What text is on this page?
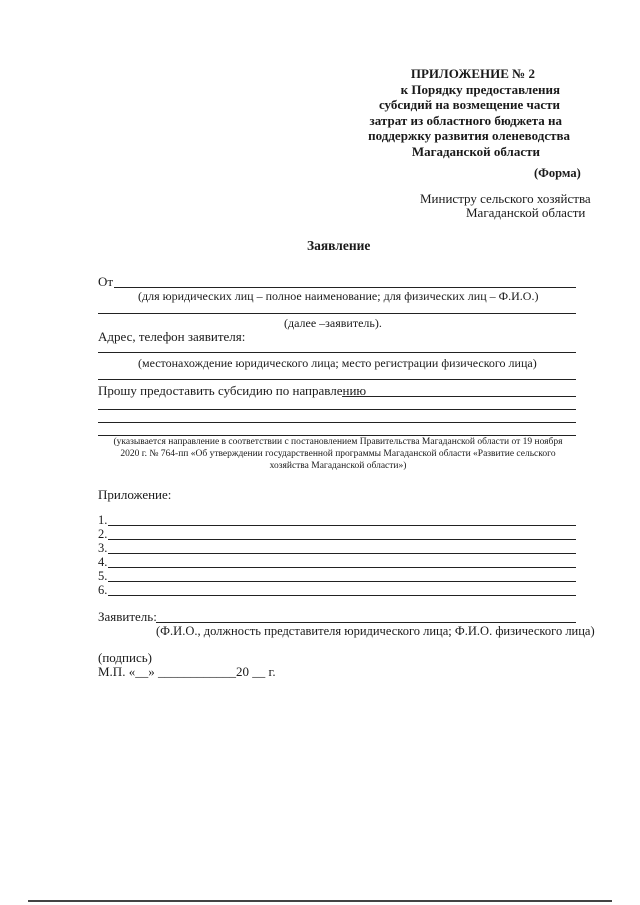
ПРИЛОЖЕНИЕ № 2
к Порядку предоставления
субсидий на возмещение части
затрат из областного бюджета на
поддержку развития оленеводства
Магаданской области
(Форма)
Министру сельского хозяйства
Магаданской области
Заявление
От
(для юридических лиц – полное наименование; для физических лиц – Ф.И.О.)
(далее –заявитель).
Адрес, телефон заявителя:
(местонахождение юридического лица; место регистрации физического лица)
Прошу предоставить субсидию по направлению
(указывается направление в соответствии с постановлением Правительства Магаданской области от 19 ноября
2020 г. № 764-пп «Об утверждении государственной программы Магаданской области «Развитие сельского
хозяйства Магаданской области»)
Приложение:
1.
2.
3.
4.
5.
6.
Заявитель:
(Ф.И.О., должность представителя юридического лица; Ф.И.О. физического лица)
(подпись)
М.П. «__» ____________20 __ г.
